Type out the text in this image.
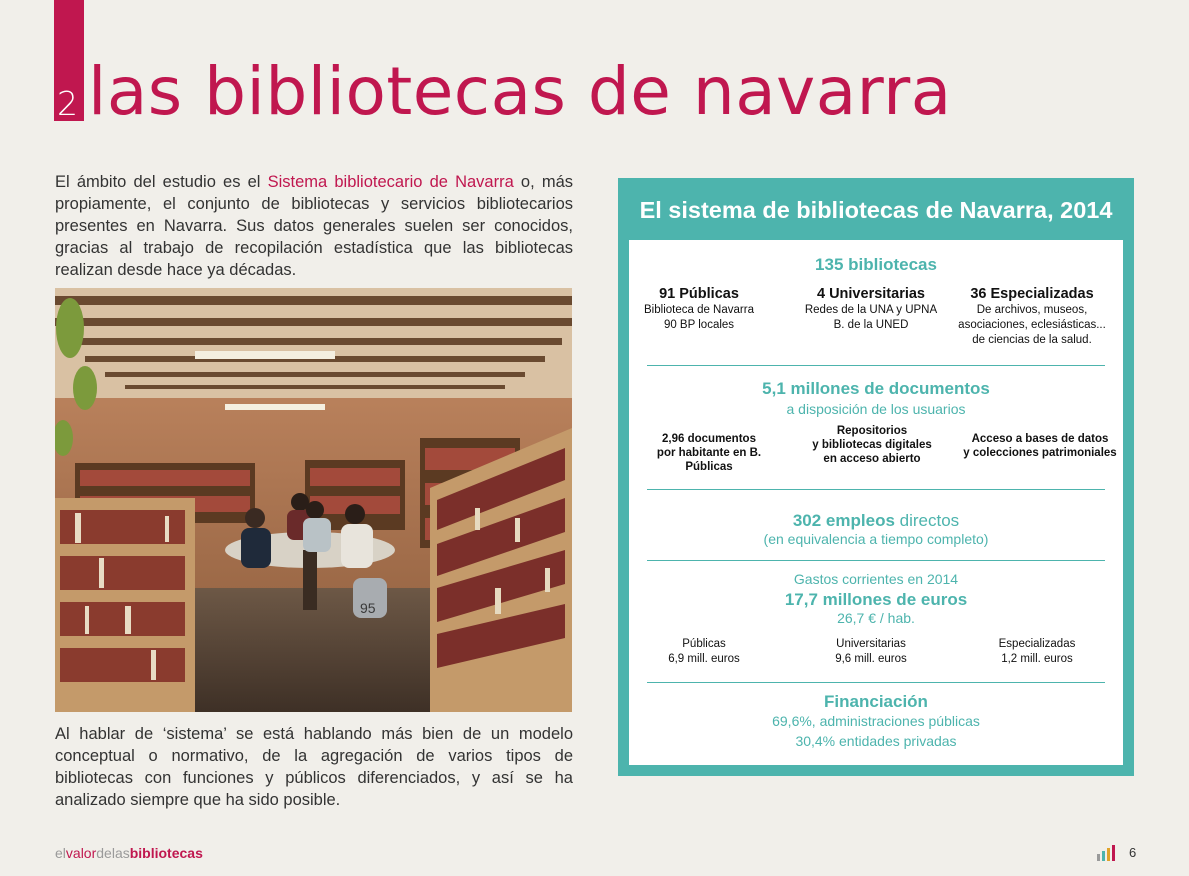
2 las bibliotecas de navarra

El ámbito del estudio es el Sistema bibliotecario de Navarra o, más propiamente, el conjunto de bibliotecas y servicios bibliotecarios presentes en Navarra. Sus datos generales suelen ser conocidos, gracias al trabajo de recopilación estadística que las bibliotecas realizan desde hace ya décadas.

95

Al hablar de ‘sistema’ se está hablando más bien de un modelo conceptual o normativo, de la agregación de varios tipos de bibliotecas con funciones y públicos diferenciados, y así se ha analizado siempre que ha sido posible.

El sistema de bibliotecas de Navarra, 2014
135 bibliotecas
91 Públicas
Biblioteca de Navarra
90 BP locales
4 Universitarias
Redes de la UNA y UPNA
B. de la UNED
36 Especializadas
De archivos, museos,
asociaciones, eclesiásticas...
de ciencias de la salud.
5,1 millones de documentos
a disposición de los usuarios
2,96 documentos
por habitante en B. Públicas
Repositorios
y bibliotecas digitales
en acceso abierto
Acceso a bases de datos
y colecciones patrimoniales
302 empleos directos
(en equivalencia a tiempo completo)
Gastos corrientes en 2014
17,7 millones de euros
26,7 € / hab.
Públicas
6,9 mill. euros
Universitarias
9,6 mill. euros
Especializadas
1,2 mill. euros
Financiación
69,6%, administraciones públicas
30,4% entidades privadas
elvalordelasbibliotecas	6
